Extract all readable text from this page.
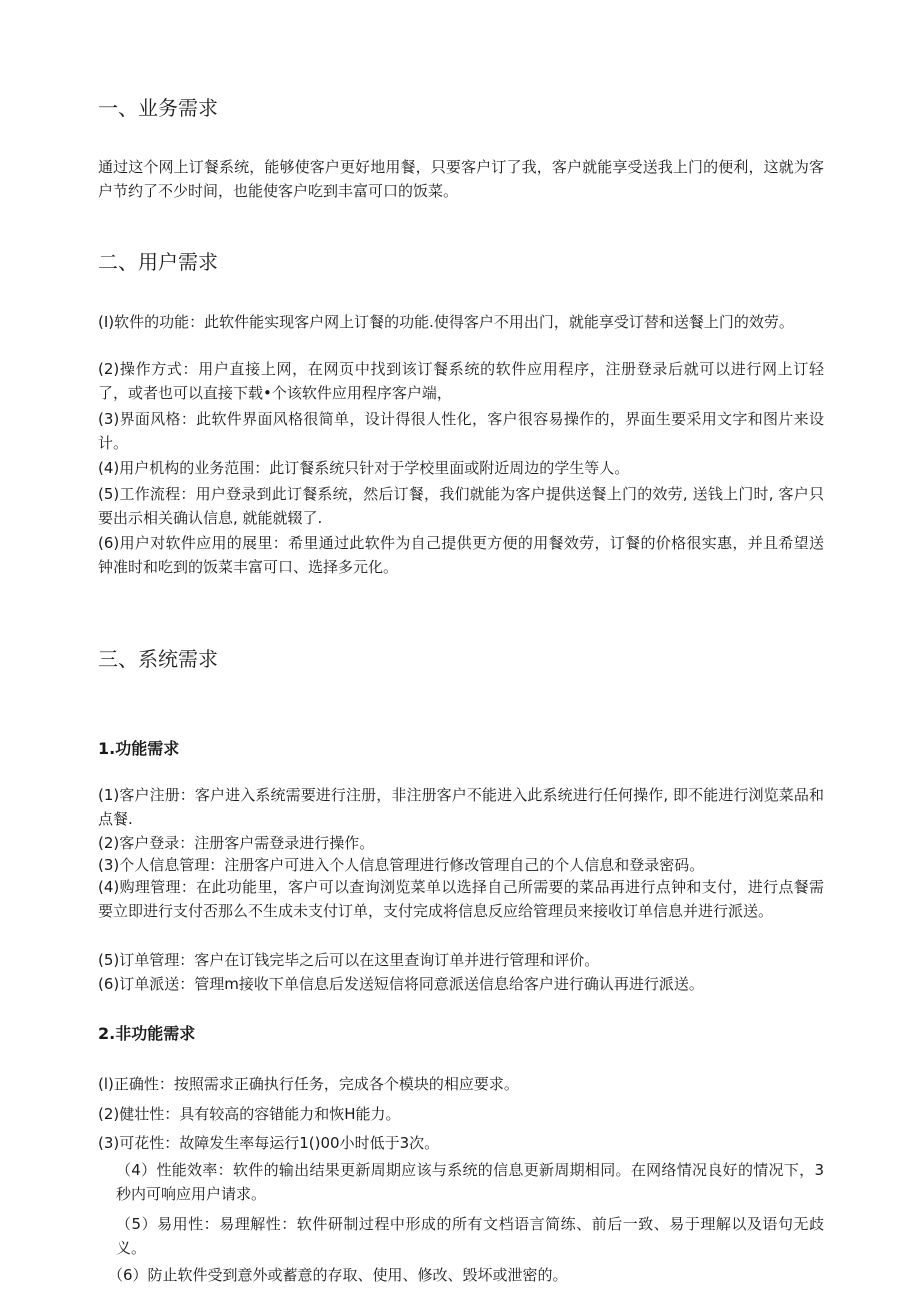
一、业务需求

通过这个网上订餐系统，能够使客户更好地用餐，只要客户订了我，客户就能享受送我上门的便利，这就为客户节约了不少时间，也能使客户吃到丰富可口的饭菜。

二、用户需求

(I)软件的功能：此软件能实现客户网上订餐的功能.使得客户不用出门，就能享受订替和送餐上门的效劳。

(2)操作方式：用户直接上网，在网页中找到该订餐系统的软件应用程序，注册登录后就可以进行网上订轻了，或者也可以直接下载•个该软件应用程序客户端，

(3)界面风格：此软件界面风格很简单，设计得很人性化，客户很容易操作的，界面生要采用文字和图片来设计。

(4)用户机构的业务范围：此订餐系统只针对于学校里面或附近周边的学生等人。

(5)工作流程：用户登录到此订餐系统，然后订餐，我们就能为客户提供送餐上门的效劳, 送钱上门时, 客户只要出示相关确认信息, 就能就辍了.

(6)用户对软件应用的展里：希里通过此软件为自己提供更方便的用餐效劳，订餐的价格很实惠，并且希望送钟准时和吃到的饭菜丰富可口、选择多元化。

三、系统需求
1.功能需求

(1)客户注册：客户进入系统需要进行注册，非注册客户不能进入此系统进行任何操作, 即不能进行浏览菜品和点餐.

(2)客户登录：注册客户需登录进行操作。

(3)个人信息管理：注册客户可进入个人信息管理进行修改管理自己的个人信息和登录密码。

(4)购理管理：在此功能里，客户可以查询浏览菜单以选择自己所需要的菜品再进行点钟和支付，进行点餐需要立即进行支付否那么不生成未支付订单，支付完成将信息反应给管理员来接收订单信息并进行派送。

(5)订单管理：客户在订钱完毕之后可以在这里查询订单并进行管理和评价。

(6)订单派送：管理m接收下单信息后发送短信将同意派送信息给客户进行确认再进行派送。

2.非功能需求

(l)正确性：按照需求正确执行任务，完成各个模块的相应要求。

(2)健壮性：具有较高的容错能力和恢H能力。

(3)可花性：故障发生率每运行1()00小时低于3次。

（4）性能效率：软件的输出结果更新周期应该与系统的信息更新周期相同。在网络情况良好的情况下，3秒内可响应用户请求。

（5）易用性：易理解性：软件研制过程中形成的所有文档语言简练、前后一致、易于理解以及语句无歧义。

（6）防止软件受到意外或蓄意的存取、使用、修改、毁坏或泄密的。
